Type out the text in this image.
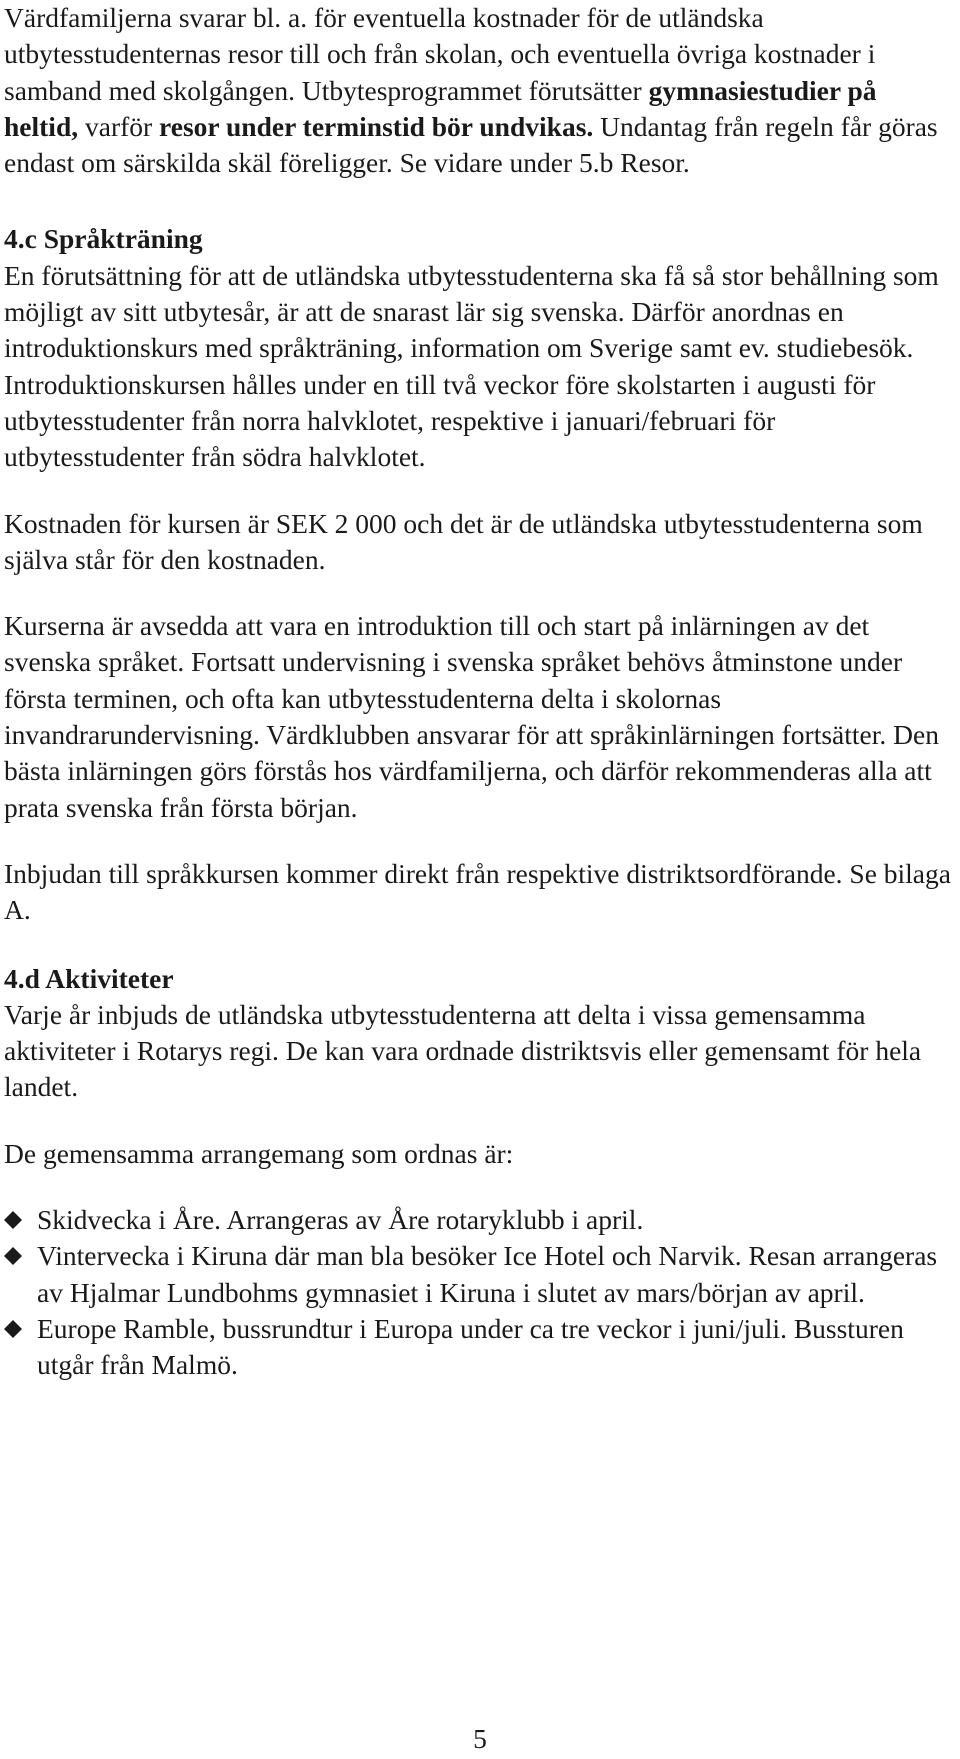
Värdfamiljerna svarar bl. a. för eventuella kostnader för de utländska utbytesstudenternas resor till och från skolan, och eventuella övriga kostnader i samband med skolgången. Utbytesprogrammet förutsätter gymnasiestudier på heltid, varför resor under terminstid bör undvikas. Undantag från regeln får göras endast om särskilda skäl föreligger. Se vidare under 5.b Resor.

4.c Språkträning

En förutsättning för att de utländska utbytesstudenterna ska få så stor behållning som möjligt av sitt utbytesår, är att de snarast lär sig svenska. Därför anordnas en introduktionskurs med språkträning, information om Sverige samt ev. studiebesök. Introduktionskursen hålles under en till två veckor före skolstarten i augusti för utbytesstudenter från norra halvklotet, respektive i januari/februari för utbytesstudenter från södra halvklotet.

Kostnaden för kursen är SEK 2 000 och det är de utländska utbytesstudenterna som själva står för den kostnaden.

Kurserna är avsedda att vara en introduktion till och start på inlärningen av det svenska språket. Fortsatt undervisning i svenska språket behövs åtminstone under första terminen, och ofta kan utbytesstudenterna delta i skolornas invandrarundervisning. Värdklubben ansvarar för att språkinlärningen fortsätter. Den bästa inlärningen görs förstås hos värdfamiljerna, och därför rekommenderas alla att prata svenska från första början.

Inbjudan till språkkursen kommer direkt från respektive distriktsordförande. Se bilaga A.

4.d Aktiviteter

Varje år inbjuds de utländska utbytesstudenterna att delta i vissa gemensamma aktiviteter i Rotarys regi. De kan vara ordnade distriktsvis eller gemensamt för hela landet.

De gemensamma arrangemang som ordnas är:

Skidvecka i Åre. Arrangeras av Åre rotaryklubb i april.
Vintervecka i Kiruna där man bla besöker Ice Hotel och Narvik. Resan arrangeras av Hjalmar Lundbohms gymnasiet i Kiruna i slutet av mars/början av april.
Europe Ramble, bussrundtur i Europa under ca tre veckor i juni/juli. Bussturen utgår från Malmö.
5
